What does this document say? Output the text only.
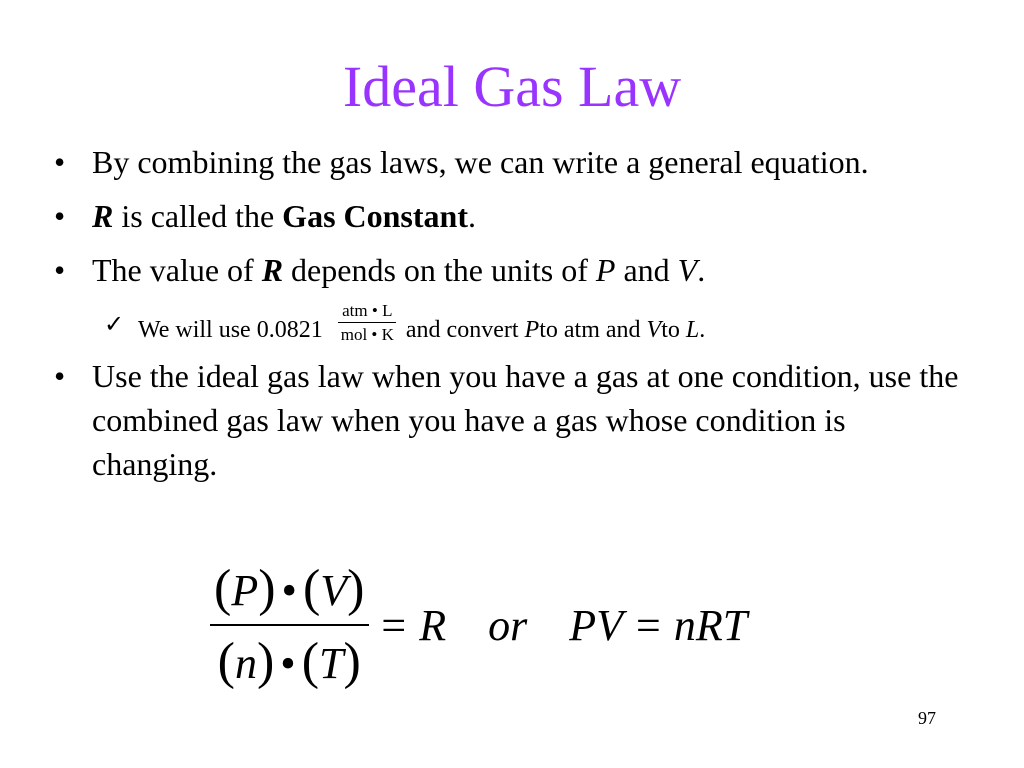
Ideal Gas Law
• By combining the gas laws, we can write a general equation.
• R is called the Gas Constant.
• The value of R depends on the units of P and V.
✓ We will use $0.0821 \frac{\text{atm • L}}{\text{mol • K}}$ and convert
P to atm and
V to
L .
• Use the ideal gas law when you have a gas at one condition, use the combined gas law when you have a gas whose condition is changing.
$\frac{(P) • (V)}{(n) • (T)} = R$ or PV = nRT
97
